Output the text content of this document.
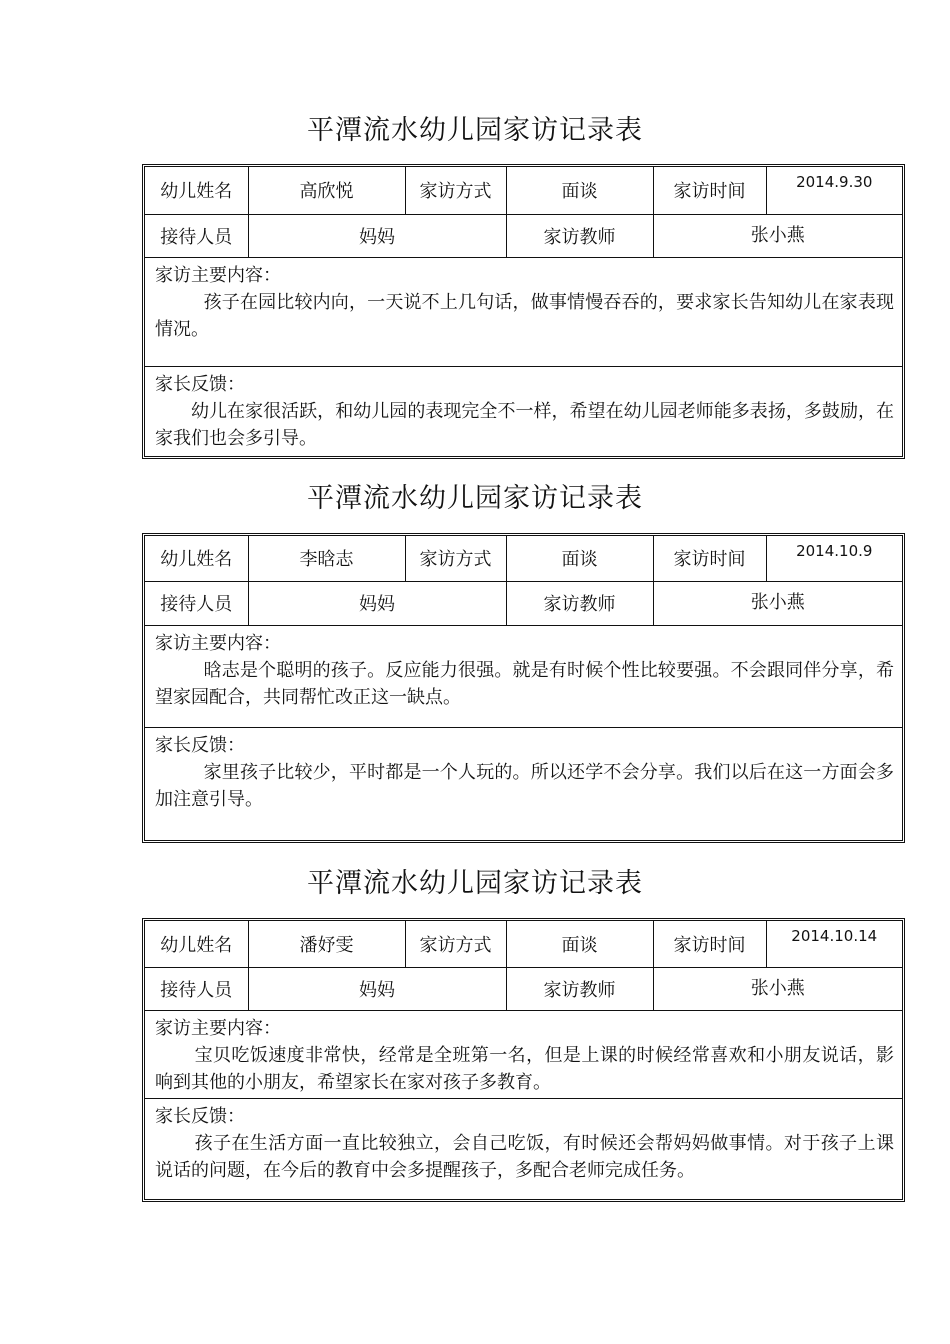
平潭流水幼儿园家访记录表
幼儿姓名	高欣悦	家访方式	面谈	家访时间	2014.9.30
接待人员	妈妈		家访教师	张小燕	
家访主要内容：
孩子在园比较内向，一天说不上几句话，做事情慢吞吞的，要求家长告知幼儿在家表现情况。
家长反馈：
幼儿在家很活跃，和幼儿园的表现完全不一样，希望在幼儿园老师能多表扬，多鼓励，在家我们也会多引导。
平潭流水幼儿园家访记录表
幼儿姓名	李晗志	家访方式	面谈	家访时间	2014.10.9
接待人员	妈妈		家访教师	张小燕	
家访主要内容：
晗志是个聪明的孩子。反应能力很强。就是有时候个性比较要强。不会跟同伴分享，希望家园配合，共同帮忙改正这一缺点。
家长反馈：
家里孩子比较少，平时都是一个人玩的。所以还学不会分享。我们以后在这一方面会多加注意引导。
平潭流水幼儿园家访记录表
幼儿姓名	潘妤雯	家访方式	面谈	家访时间	2014.10.14
接待人员	妈妈		家访教师	张小燕	
家访主要内容：
宝贝吃饭速度非常快，经常是全班第一名，但是上课的时候经常喜欢和小朋友说话，影响到其他的小朋友，希望家长在家对孩子多教育。
家长反馈：
孩子在生活方面一直比较独立，会自己吃饭，有时候还会帮妈妈做事情。对于孩子上课说话的问题，在今后的教育中会多提醒孩子，多配合老师完成任务。
